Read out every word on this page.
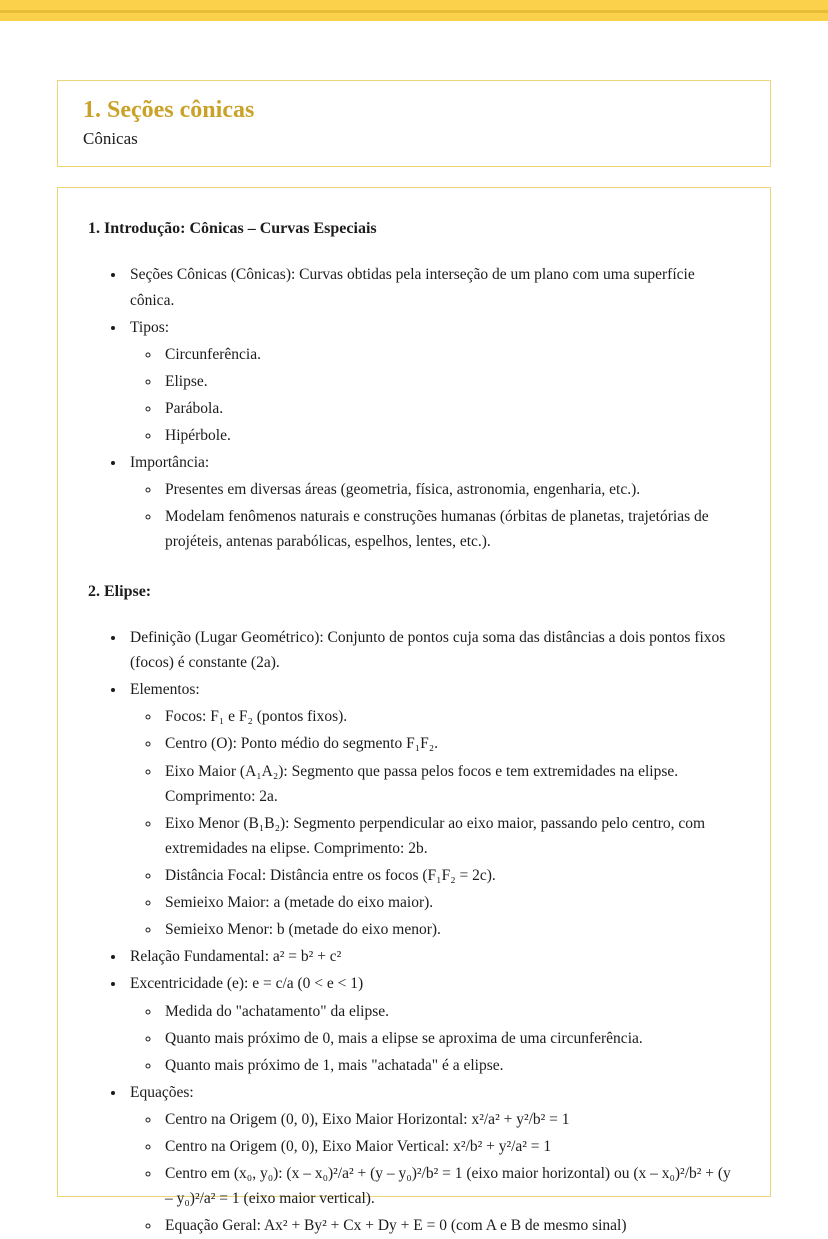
1. Seções cônicas
Cônicas

1. Introdução: Cônicas – Curvas Especiais

• Seções Cônicas (Cônicas): Curvas obtidas pela interseção de um plano com uma superfície cônica.
• Tipos:
◦ Circunferência.
◦ Elipse.
◦ Parábola.
◦ Hipérbole.
• Importância:
◦ Presentes em diversas áreas (geometria, física, astronomia, engenharia, etc.).
◦ Modelam fenômenos naturais e construções humanas (órbitas de planetas, trajetórias de projéteis, antenas parabólicas, espelhos, lentes, etc.).

2. Elipse:

• Definição (Lugar Geométrico): Conjunto de pontos cuja soma das distâncias a dois pontos fixos (focos) é constante (2a).
• Elementos:
◦ Focos: F₁ e F₂ (pontos fixos).
◦ Centro (O): Ponto médio do segmento F₁F₂.
◦ Eixo Maior (A₁A₂): Segmento que passa pelos focos e tem extremidades na elipse. Comprimento: 2a.
◦ Eixo Menor (B₁B₂): Segmento perpendicular ao eixo maior, passando pelo centro, com extremidades na elipse. Comprimento: 2b.
◦ Distância Focal: Distância entre os focos (F₁F₂ = 2c).
◦ Semieixo Maior: a (metade do eixo maior).
◦ Semieixo Menor: b (metade do eixo menor).
• Relação Fundamental: a² = b² + c²
• Excentricidade (e): e = c/a (0 < e < 1)
◦ Medida do "achatamento" da elipse.
◦ Quanto mais próximo de 0, mais a elipse se aproxima de uma circunferência.
◦ Quanto mais próximo de 1, mais "achatada" é a elipse.
• Equações:
◦ Centro na Origem (0, 0), Eixo Maior Horizontal: x²/a² + y²/b² = 1
◦ Centro na Origem (0, 0), Eixo Maior Vertical: x²/b² + y²/a² = 1
◦ Centro em (x₀, y₀): (x – x₀)²/a² + (y – y₀)²/b² = 1 (eixo maior horizontal) ou (x – x₀)²/b² + (y – y₀)²/a² = 1 (eixo maior vertical).
◦ Equação Geral: Ax² + By² + Cx + Dy + E = 0 (com A e B de mesmo sinal)
